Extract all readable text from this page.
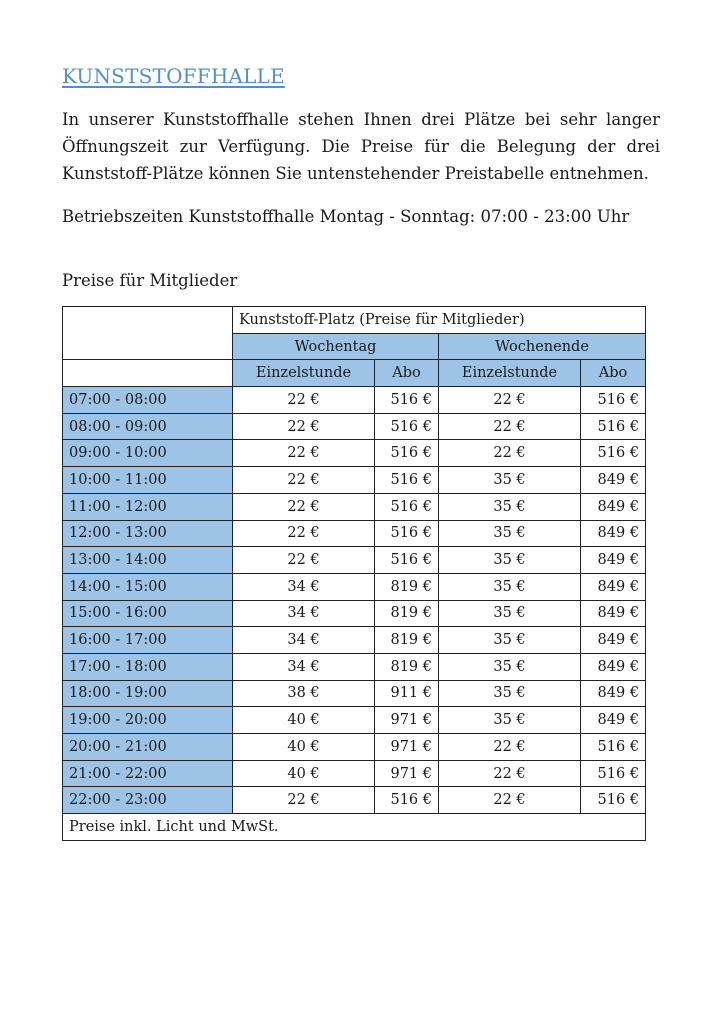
KUNSTSTOFFHALLE

In unserer Kunststoffhalle stehen Ihnen drei Plätze bei sehr langer Öffnungszeit zur Verfügung. Die Preise für die Belegung der drei Kunststoff-Plätze können Sie untenstehender Preistabelle entnehmen.

Betriebszeiten Kunststoffhalle Montag - Sonntag: 07:00 - 23:00 Uhr

Preise für Mitglieder

	Kunststoff-Platz (Preise für Mitglieder)			
	Wochentag		Wochenende	
	Einzelstunde	Abo	Einzelstunde	Abo
07:00 - 08:00	22 €	516 €	22 €	516 €
08:00 - 09:00	22 €	516 €	22 €	516 €
09:00 - 10:00	22 €	516 €	22 €	516 €
10:00 - 11:00	22 €	516 €	35 €	849 €
11:00 - 12:00	22 €	516 €	35 €	849 €
12:00 - 13:00	22 €	516 €	35 €	849 €
13:00 - 14:00	22 €	516 €	35 €	849 €
14:00 - 15:00	34 €	819 €	35 €	849 €
15:00 - 16:00	34 €	819 €	35 €	849 €
16:00 - 17:00	34 €	819 €	35 €	849 €
17:00 - 18:00	34 €	819 €	35 €	849 €
18:00 - 19:00	38 €	911 €	35 €	849 €
19:00 - 20:00	40 €	971 €	35 €	849 €
20:00 - 21:00	40 €	971 €	22 €	516 €
21:00 - 22:00	40 €	971 €	22 €	516 €
22:00 - 23:00	22 €	516 €	22 €	516 €
Preise inkl. Licht und MwSt.				
